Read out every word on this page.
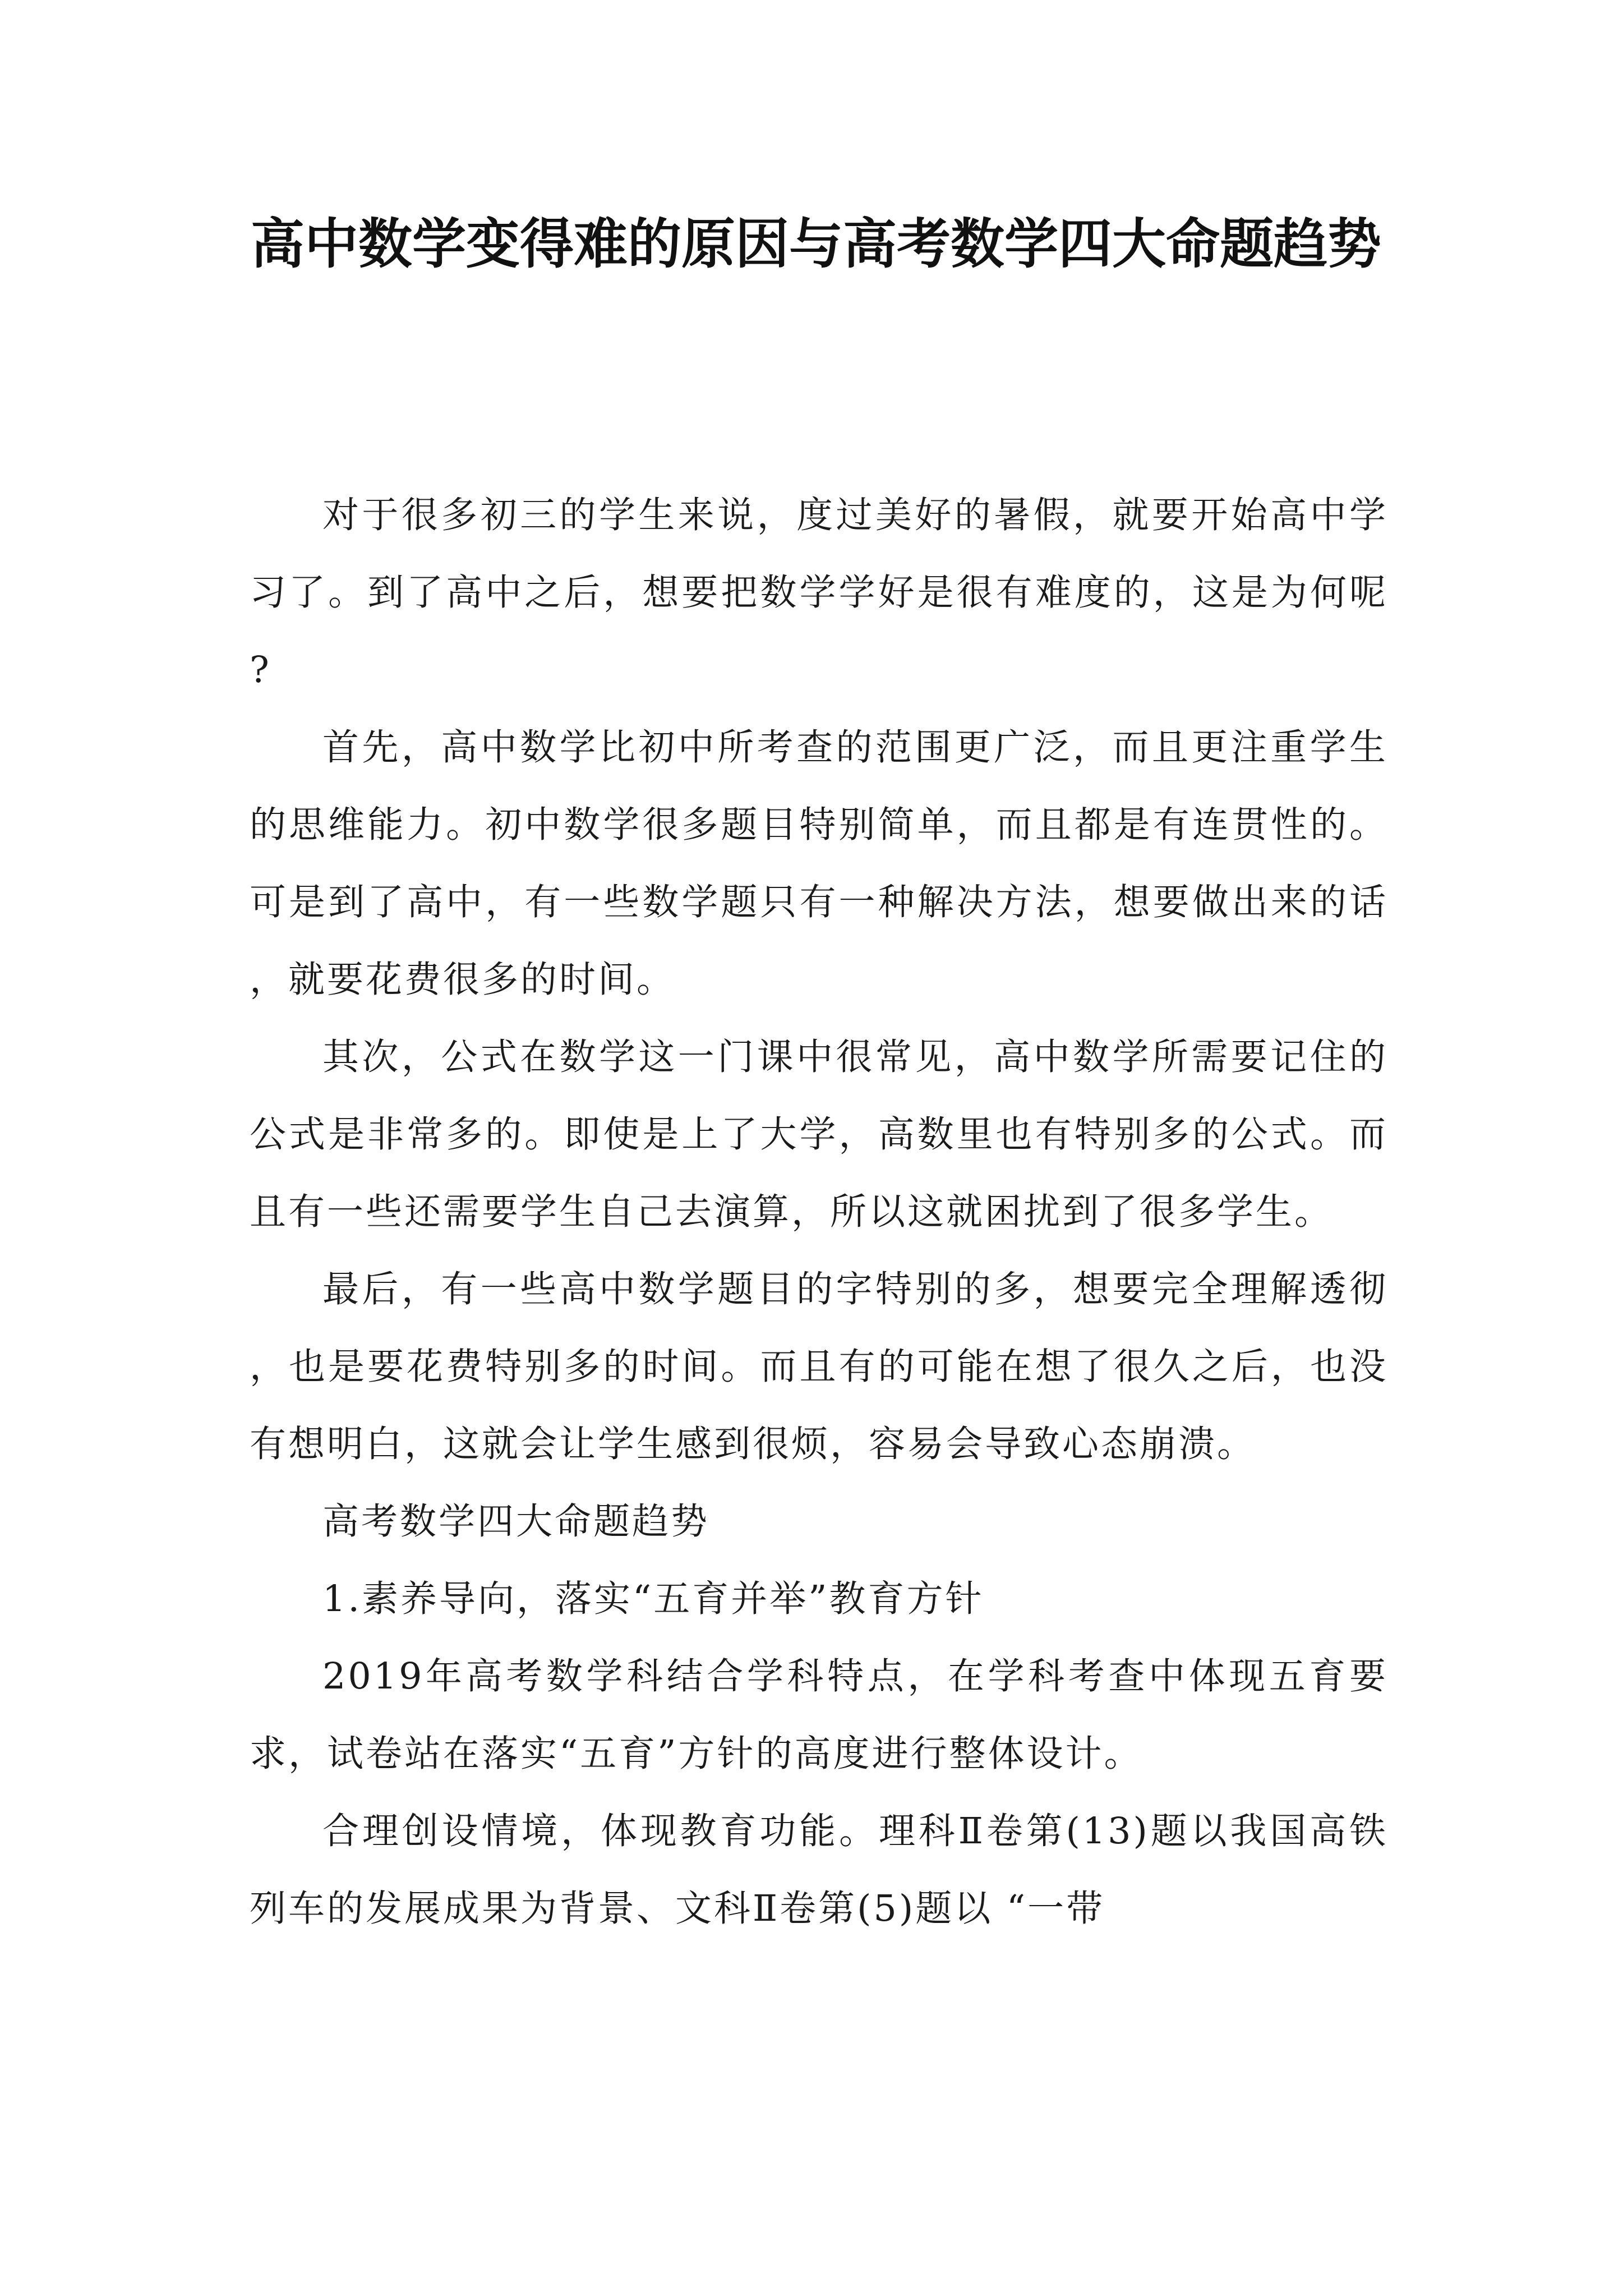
高中数学变得难的原因与高考数学四大命题趋势

对于很多初三的学生来说，度过美好的暑假，就要开始高中学习了。到了高中之后，想要把数学学好是很有难度的，这是为何呢?

首先，高中数学比初中所考查的范围更广泛，而且更注重学生的思维能力。初中数学很多题目特别简单，而且都是有连贯性的。可是到了高中，有一些数学题只有一种解决方法，想要做出来的话，就要花费很多的时间。

其次，公式在数学这一门课中很常见，高中数学所需要记住的公式是非常多的。即使是上了大学，高数里也有特别多的公式。而且有一些还需要学生自己去演算，所以这就困扰到了很多学生。

最后，有一些高中数学题目的字特别的多，想要完全理解透彻，也是要花费特别多的时间。而且有的可能在想了很久之后，也没有想明白，这就会让学生感到很烦，容易会导致心态崩溃。

高考数学四大命题趋势

1.素养导向，落实“五育并举”教育方针

2019年高考数学科结合学科特点，在学科考查中体现五育要求，试卷站在落实“五育”方针的高度进行整体设计。

合理创设情境，体现教育功能。理科Ⅱ卷第(13)题以我国高铁列车的发展成果为背景、文科Ⅱ卷第(5)题以 “一带
